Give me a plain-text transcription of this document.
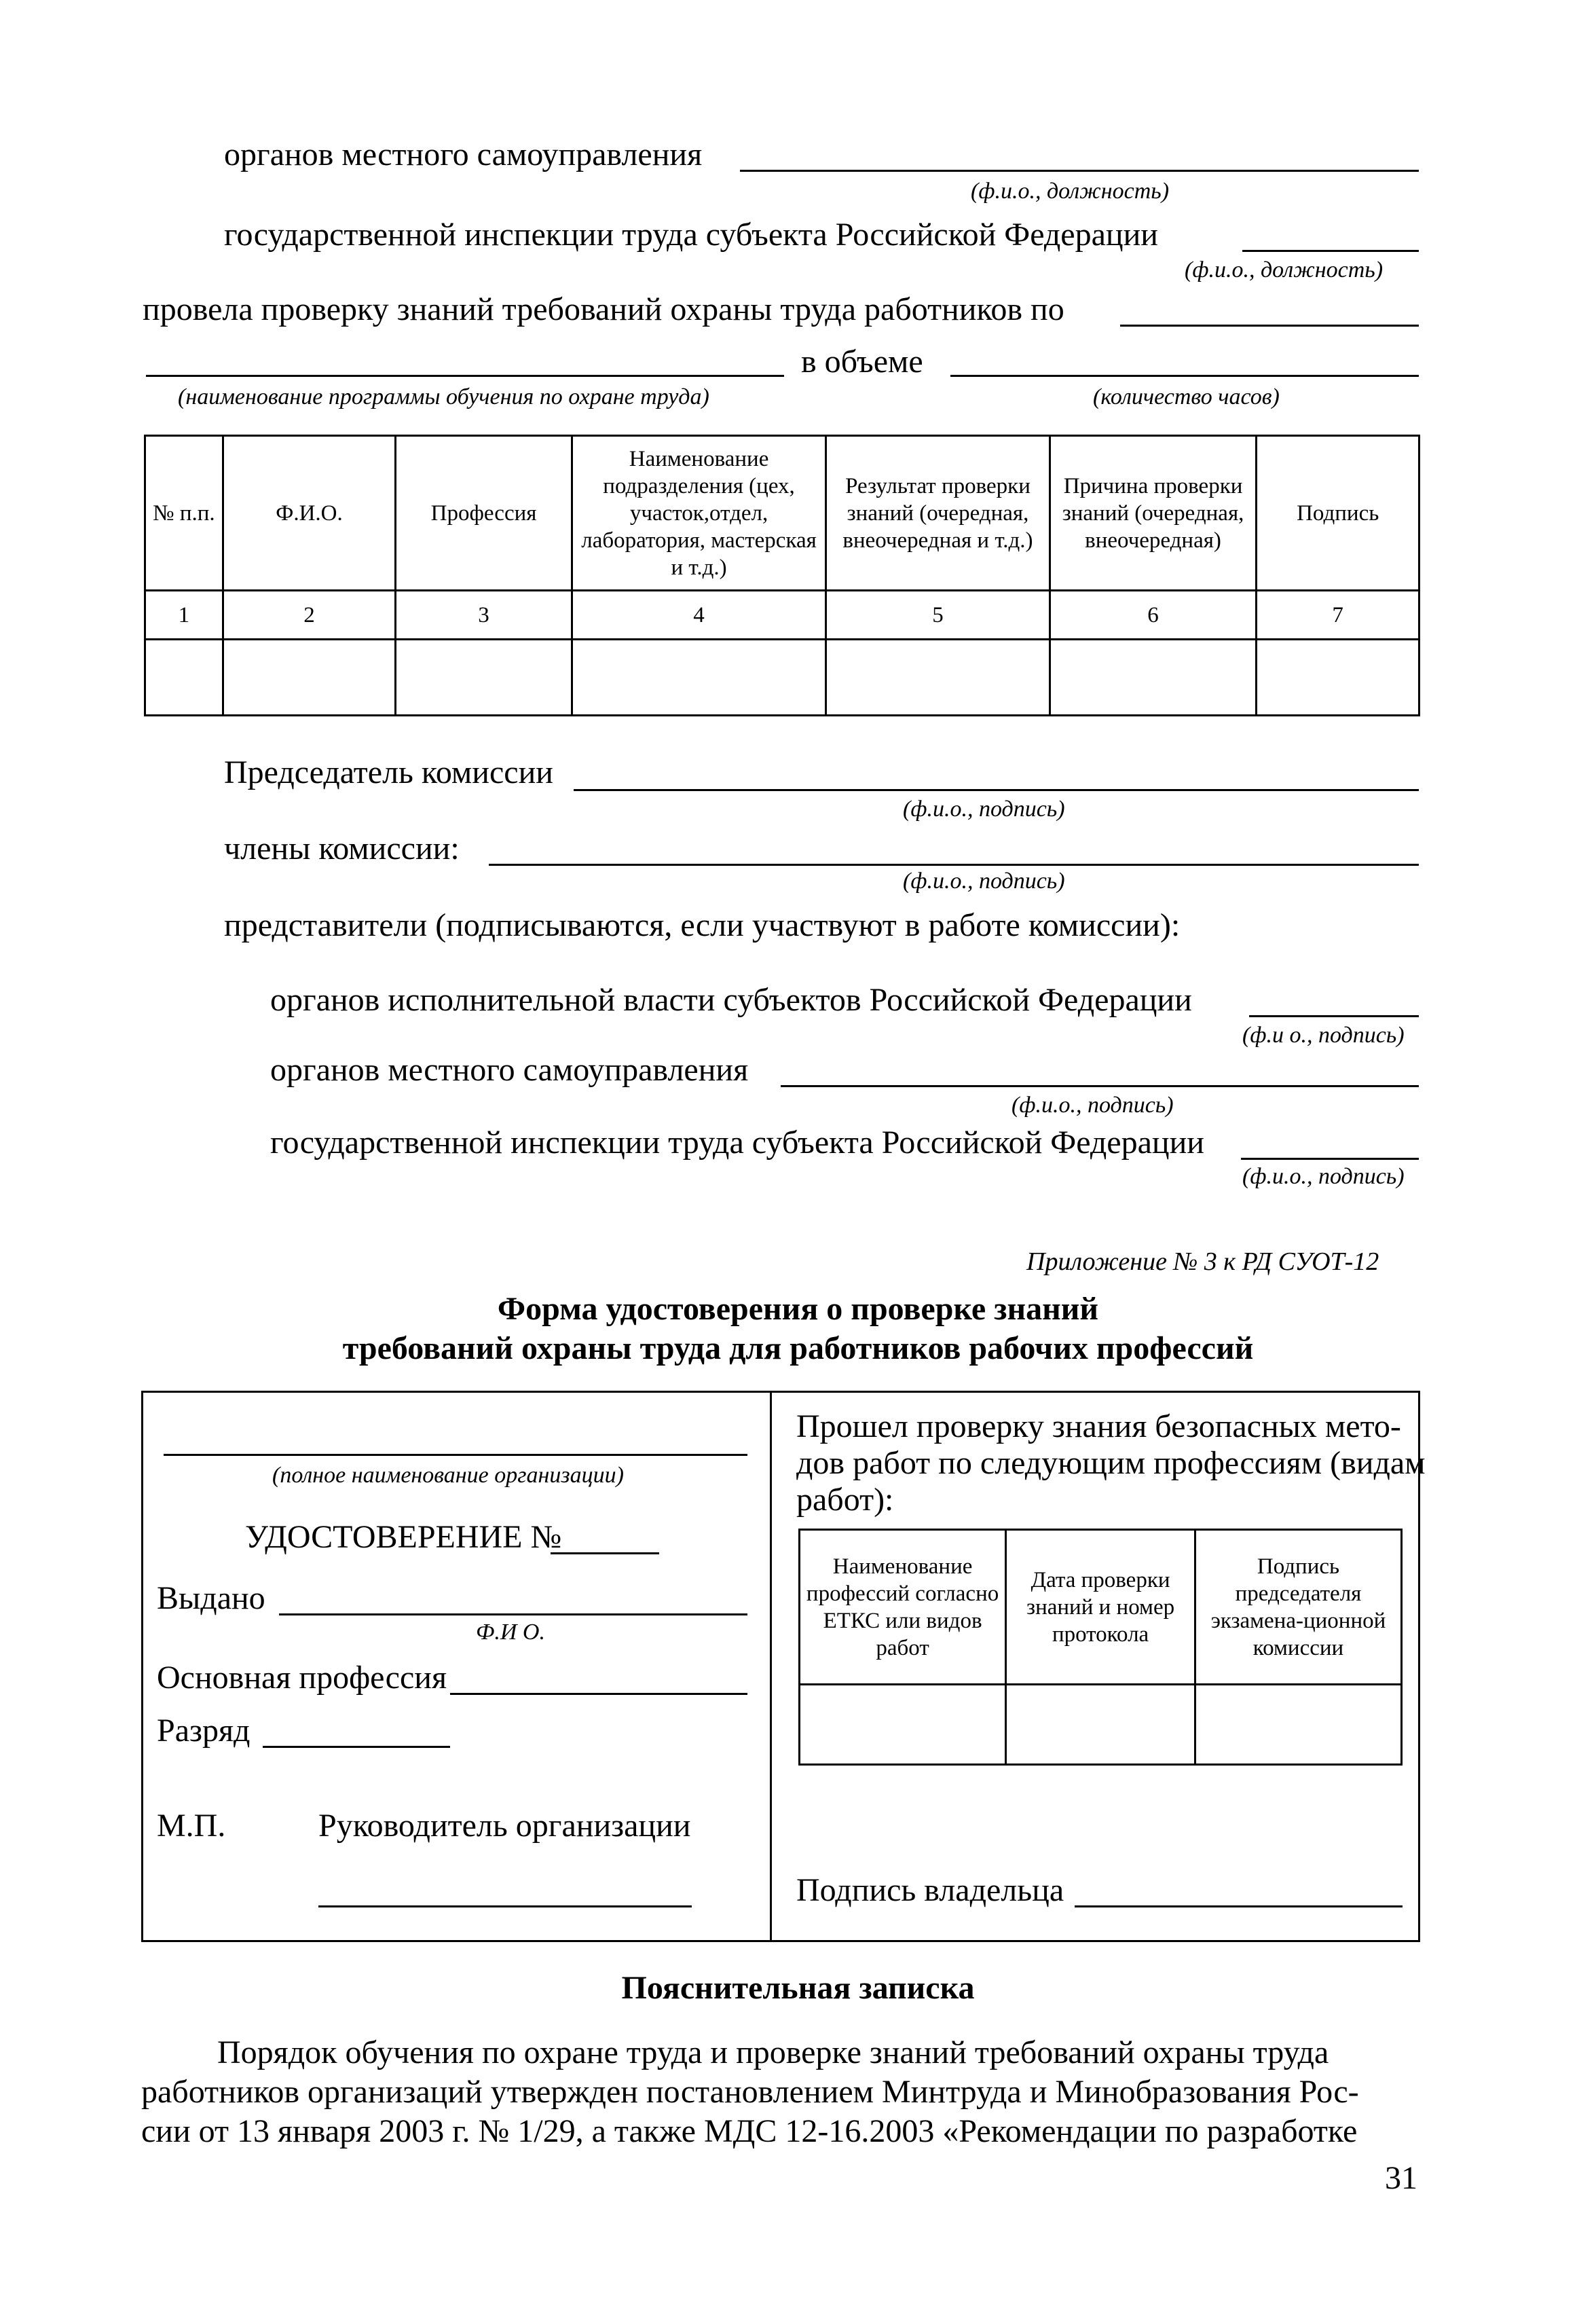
органов местного самоуправления
(ф.и.о., должность)
государственной инспекции труда субъекта Российской Федерации
(ф.и.о., должность)
провела проверку знаний требований охраны труда работников по
в объеме
(наименование программы обучения по охране труда)	(количество часов)
№ п.п.	Ф.И.О.	Профессия	Наименование подразделения (цех, участок,отдел, лаборатория, мастерская и т.д.)	Результат проверки знаний (очередная, внеочередная и т.д.)	Причина проверки знаний (очередная, внеочередная)	Подпись
1	2	3	4	5	6	7

Председатель комиссии
(ф.и.о., подпись)
члены комиссии:
(ф.и.о., подпись)
представители (подписываются, если участвуют в работе комиссии):
органов исполнительной власти субъектов Российской Федерации
(ф.и о., подпись)
органов местного самоуправления
(ф.и.о., подпись)
государственной инспекции труда субъекта Российской Федерации
(ф.и.о., подпись)
Приложение № 3 к РД СУОТ-12
Форма удостоверения о проверке знаний
требований охраны труда для работников рабочих профессий
(полное наименование организации)
УДОСТОВЕРЕНИЕ №
Выдано
Ф.И О.
Основная профессия
Разряд
М.П.	Руководитель организации
Прошел проверку знания безопасных мето-
дов работ по следующим профессиям (видам
работ):
Наименование профессий согласно ЕТКС или видов работ	Дата проверки знаний и номер протокола	Подпись председателя экзамена-ционной комиссии

Подпись владельца
Пояснительная записка
Порядок обучения по охране труда и проверке знаний требований охраны труда
работников организаций утвержден постановлением Минтруда и Минобразования Рос-
сии от 13 января 2003 г. № 1/29, а также МДС 12-16.2003 «Рекомендации по разработке
31
